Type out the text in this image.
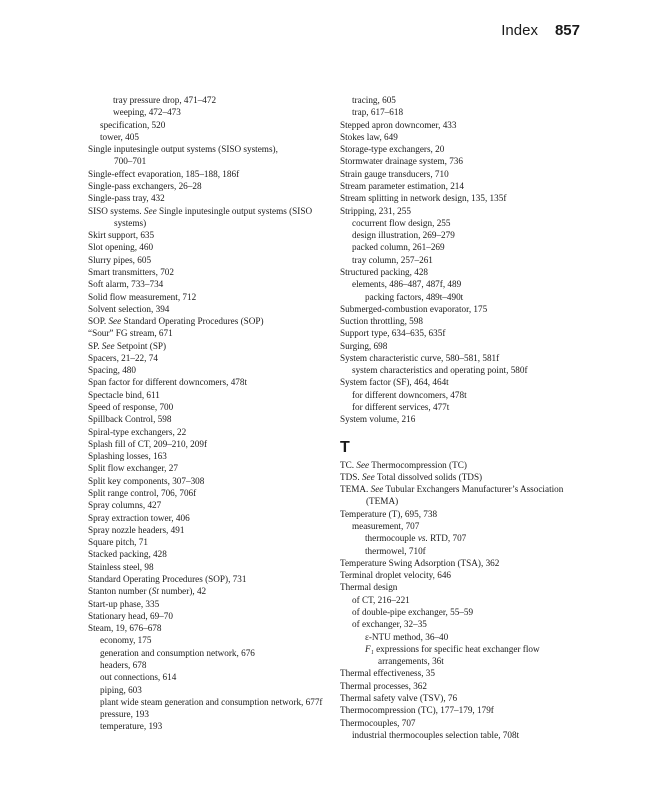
Index 857
tray pressure drop, 471–472
weeping, 472–473
specification, 520
tower, 405
Single inputesingle output systems (SISO systems),
700–701
Single-effect evaporation, 185–188, 186f
Single-pass exchangers, 26–28
Single-pass tray, 432
SISO systems. See Single inputesingle output systems (SISO
systems)
Skirt support, 635
Slot opening, 460
Slurry pipes, 605
Smart transmitters, 702
Soft alarm, 733–734
Solid flow measurement, 712
Solvent selection, 394
SOP. See Standard Operating Procedures (SOP)
“Sour” FG stream, 671
SP. See Setpoint (SP)
Spacers, 21–22, 74
Spacing, 480
Span factor for different downcomers, 478t
Spectacle bind, 611
Speed of response, 700
Spillback Control, 598
Spiral-type exchangers, 22
Splash fill of CT, 209–210, 209f
Splashing losses, 163
Split flow exchanger, 27
Split key components, 307–308
Split range control, 706, 706f
Spray columns, 427
Spray extraction tower, 406
Spray nozzle headers, 491
Square pitch, 71
Stacked packing, 428
Stainless steel, 98
Standard Operating Procedures (SOP), 731
Stanton number (St number), 42
Start-up phase, 335
Stationary head, 69–70
Steam, 19, 676–678
economy, 175
generation and consumption network, 676
headers, 678
out connections, 614
piping, 603
plant wide steam generation and consumption network, 677f
pressure, 193
temperature, 193
tracing, 605
trap, 617–618
Stepped apron downcomer, 433
Stokes law, 649
Storage-type exchangers, 20
Stormwater drainage system, 736
Strain gauge transducers, 710
Stream parameter estimation, 214
Stream splitting in network design, 135, 135f
Stripping, 231, 255
cocurrent flow design, 255
design illustration, 269–279
packed column, 261–269
tray column, 257–261
Structured packing, 428
elements, 486–487, 487f, 489
packing factors, 489t–490t
Submerged-combustion evaporator, 175
Suction throttling, 598
Support type, 634–635, 635f
Surging, 698
System characteristic curve, 580–581, 581f
system characteristics and operating point, 580f
System factor (SF), 464, 464t
for different downcomers, 478t
for different services, 477t
System volume, 216
T
TC. See Thermocompression (TC)
TDS. See Total dissolved solids (TDS)
TEMA. See Tubular Exchangers Manufacturer’s Association
(TEMA)
Temperature (T), 695, 738
measurement, 707
thermocouple vs. RTD, 707
thermowel, 710f
Temperature Swing Adsorption (TSA), 362
Terminal droplet velocity, 646
Thermal design
of CT, 216–221
of double-pipe exchanger, 55–59
of exchanger, 32–35
ε-NTU method, 36–40
F₁ expressions for specific heat exchanger flow
arrangements, 36t
Thermal effectiveness, 35
Thermal processes, 362
Thermal safety valve (TSV), 76
Thermocompression (TC), 177–179, 179f
Thermocouples, 707
industrial thermocouples selection table, 708t
